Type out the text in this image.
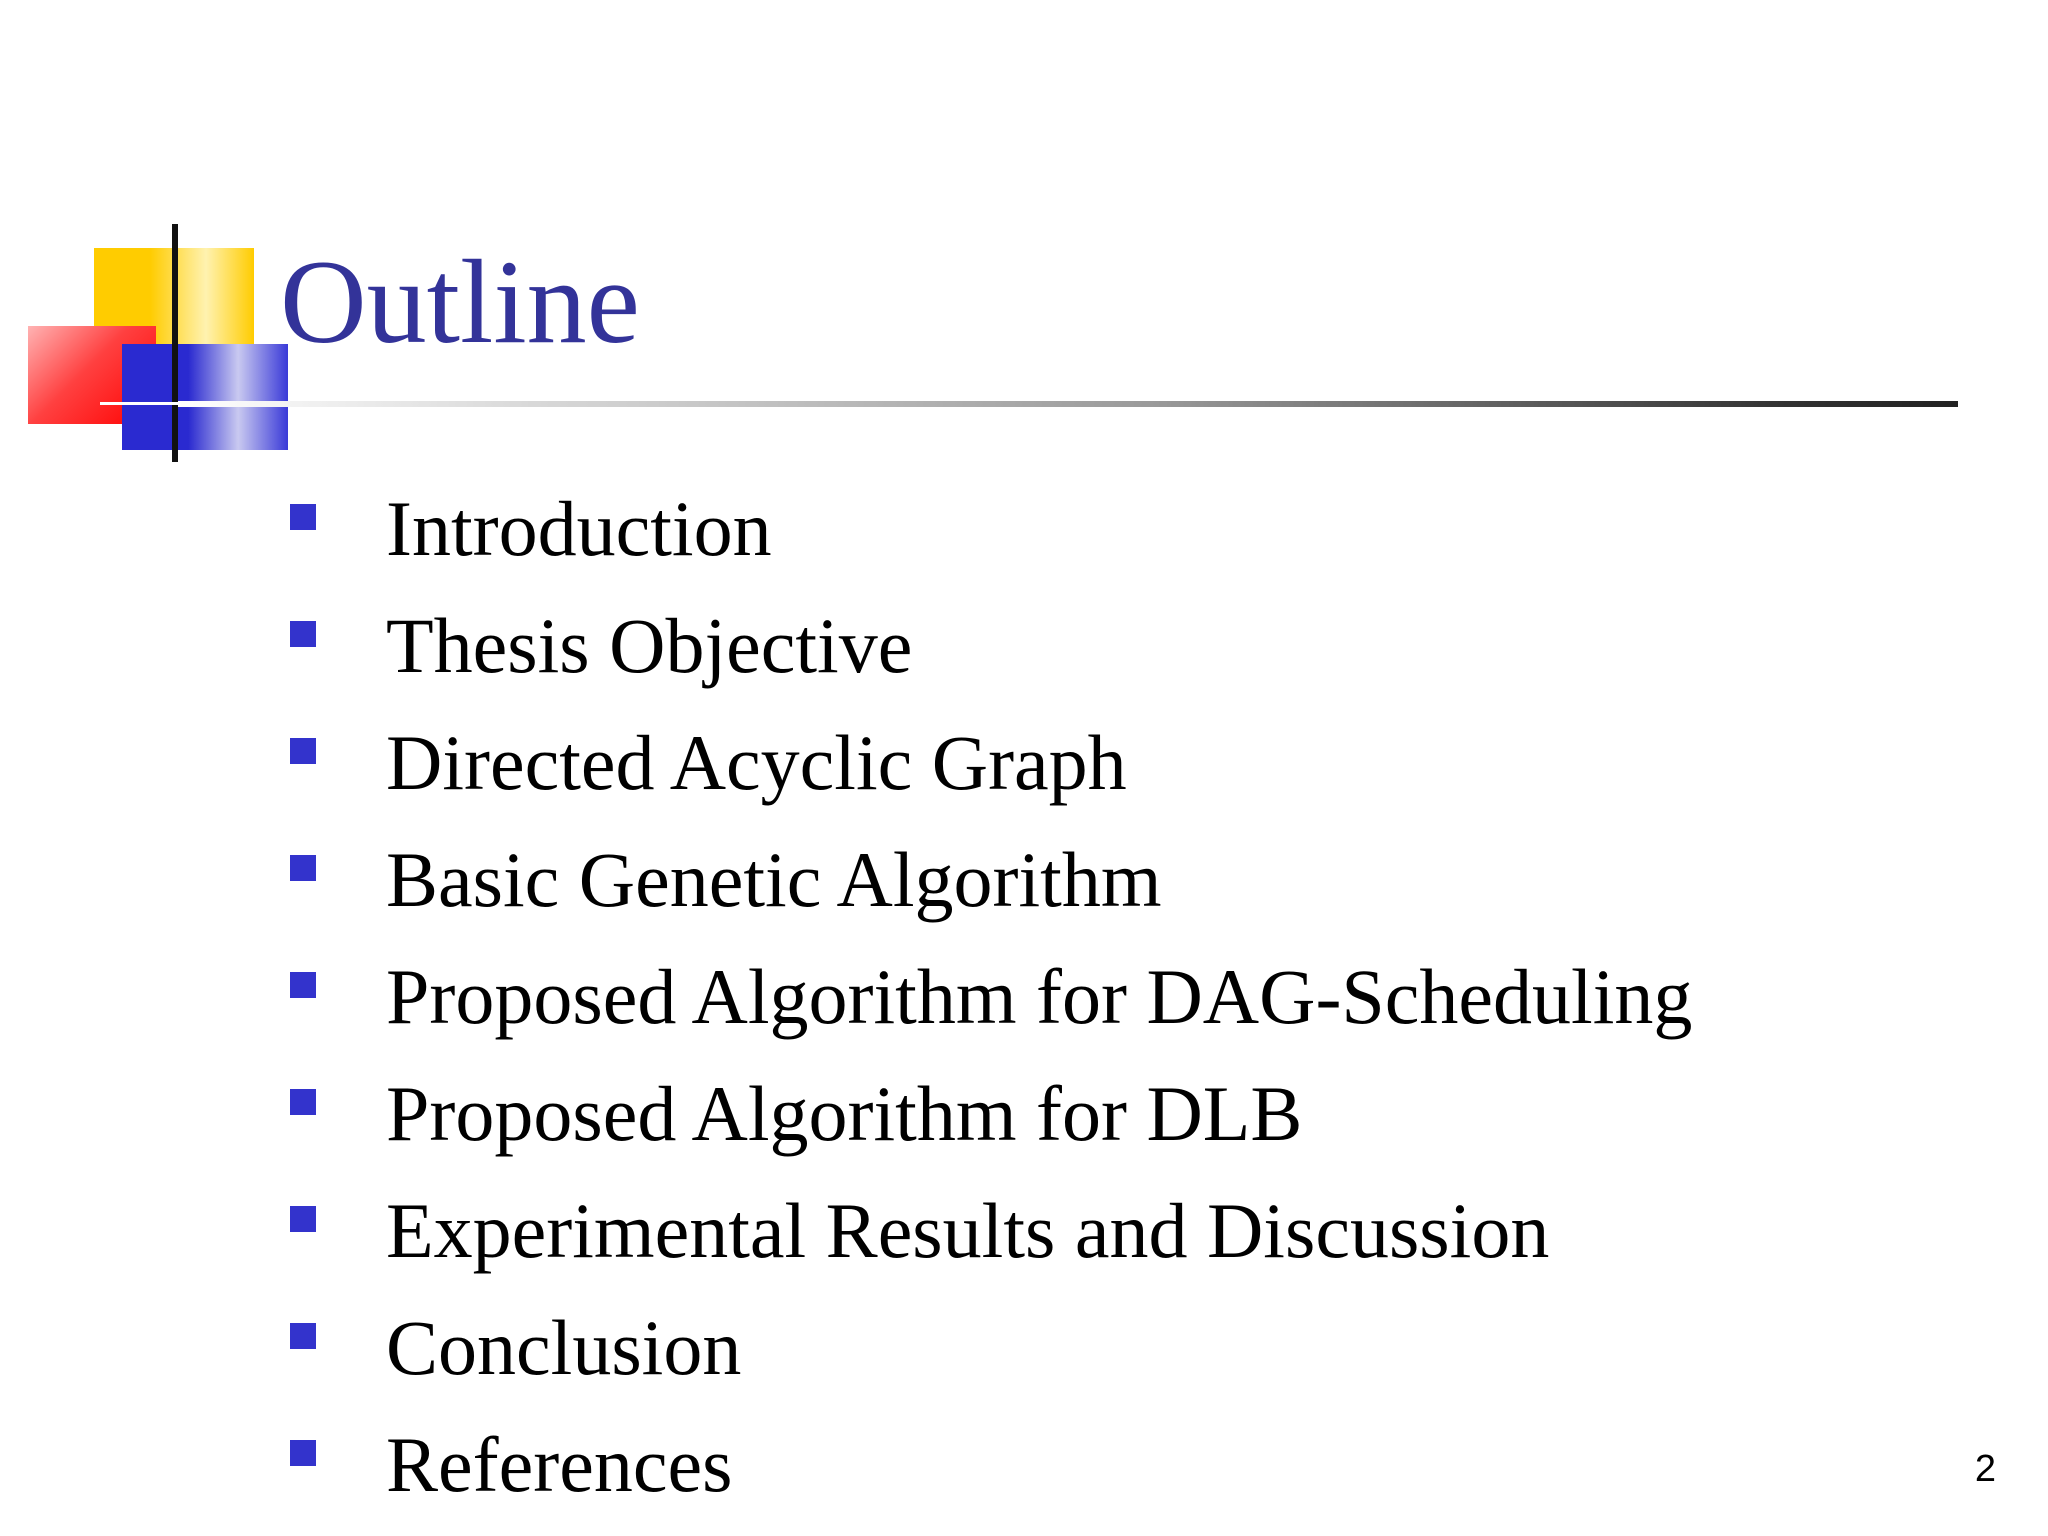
Outline
Introduction
Thesis Objective
Directed Acyclic Graph
Basic Genetic Algorithm
Proposed Algorithm for DAG-Scheduling
Proposed Algorithm for DLB
Experimental Results and Discussion
Conclusion
References	2
